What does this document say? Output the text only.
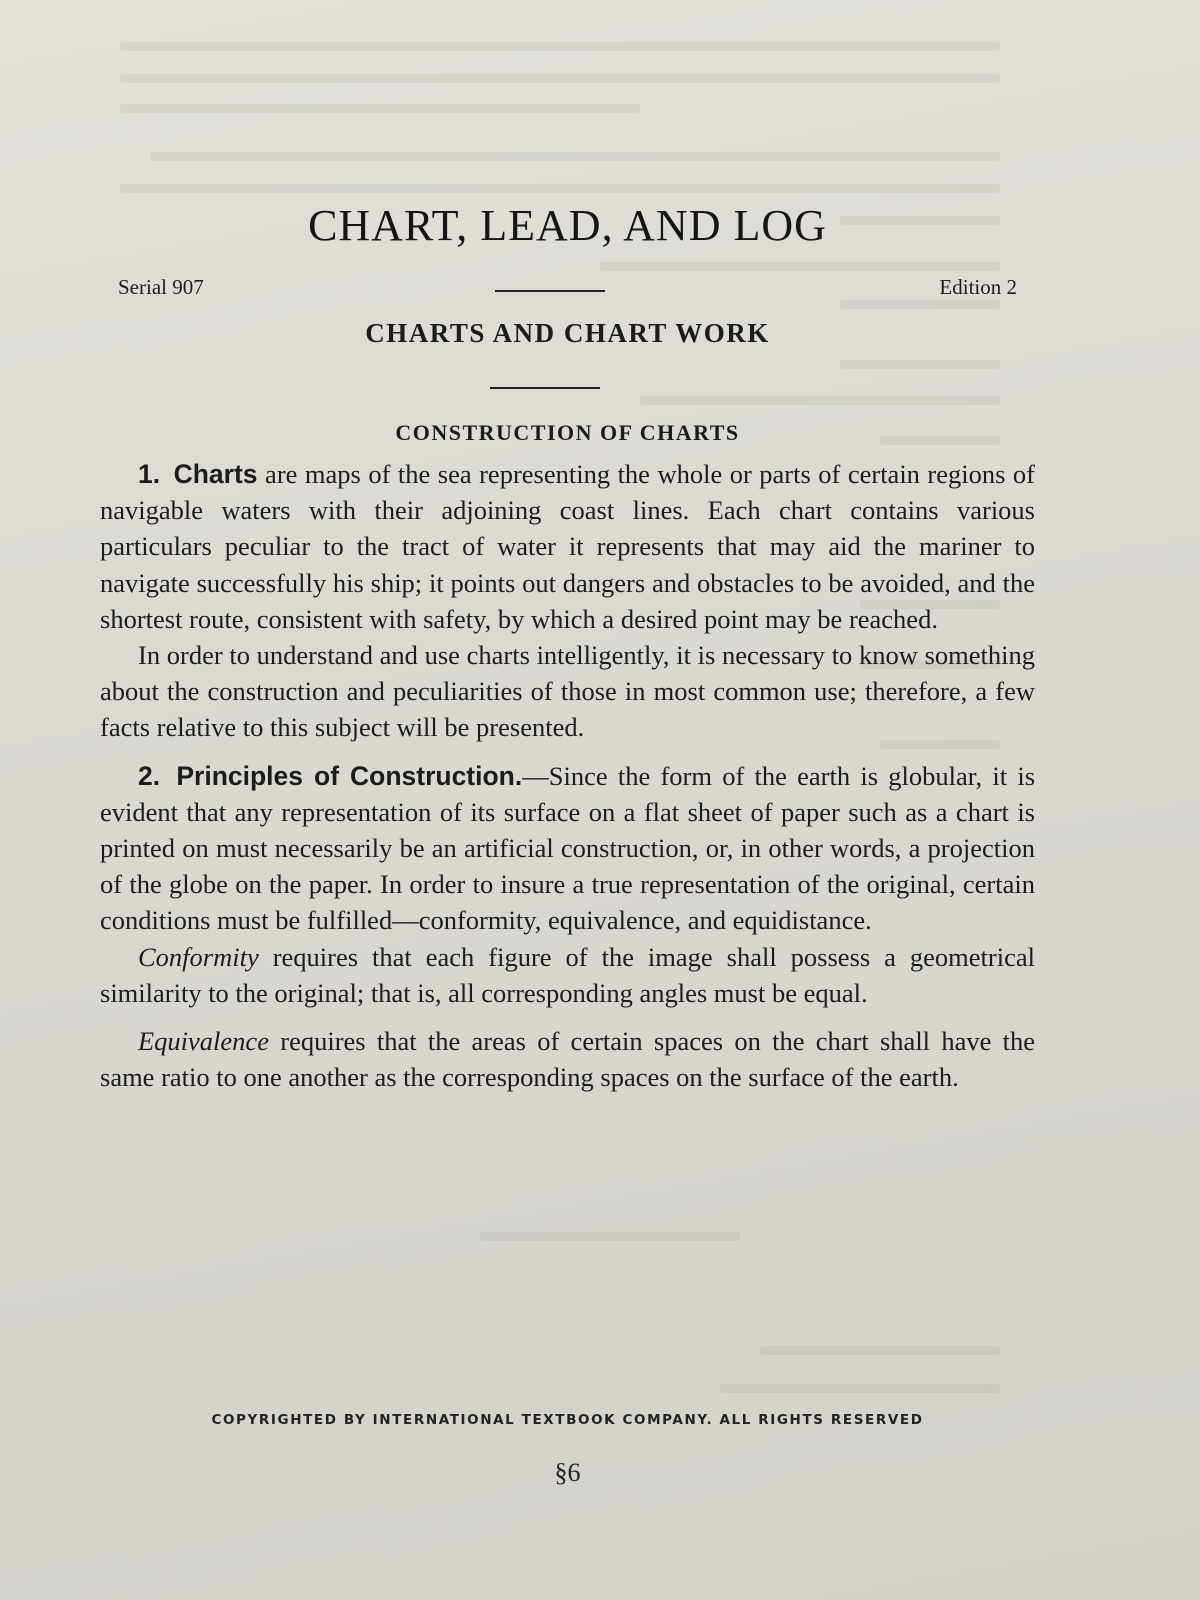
CHART, LEAD, AND LOG
Serial 907	Edition 2
CHARTS AND CHART WORK
CONSTRUCTION OF CHARTS

1. Charts are maps of the sea representing the whole or parts of certain regions of navigable waters with their adjoining coast lines. Each chart contains various particulars peculiar to the tract of water it represents that may aid the mariner to navigate successfully his ship; it points out dangers and obstacles to be avoided, and the shortest route, consistent with safety, by which a desired point may be reached.

In order to understand and use charts intelligently, it is necessary to know something about the construction and peculiarities of those in most common use; therefore, a few facts relative to this subject will be presented.

2. Principles of Construction.—Since the form of the earth is globular, it is evident that any representation of its surface on a flat sheet of paper such as a chart is printed on must necessarily be an artificial construction, or, in other words, a projection of the globe on the paper. In order to insure a true representation of the original, certain conditions must be fulfilled—conformity, equivalence, and equidistance.

Conformity requires that each figure of the image shall possess a geometrical similarity to the original; that is, all corresponding angles must be equal.

Equivalence requires that the areas of certain spaces on the chart shall have the same ratio to one another as the corresponding spaces on the surface of the earth.

COPYRIGHTED BY INTERNATIONAL TEXTBOOK COMPANY. ALL RIGHTS RESERVED
§6
